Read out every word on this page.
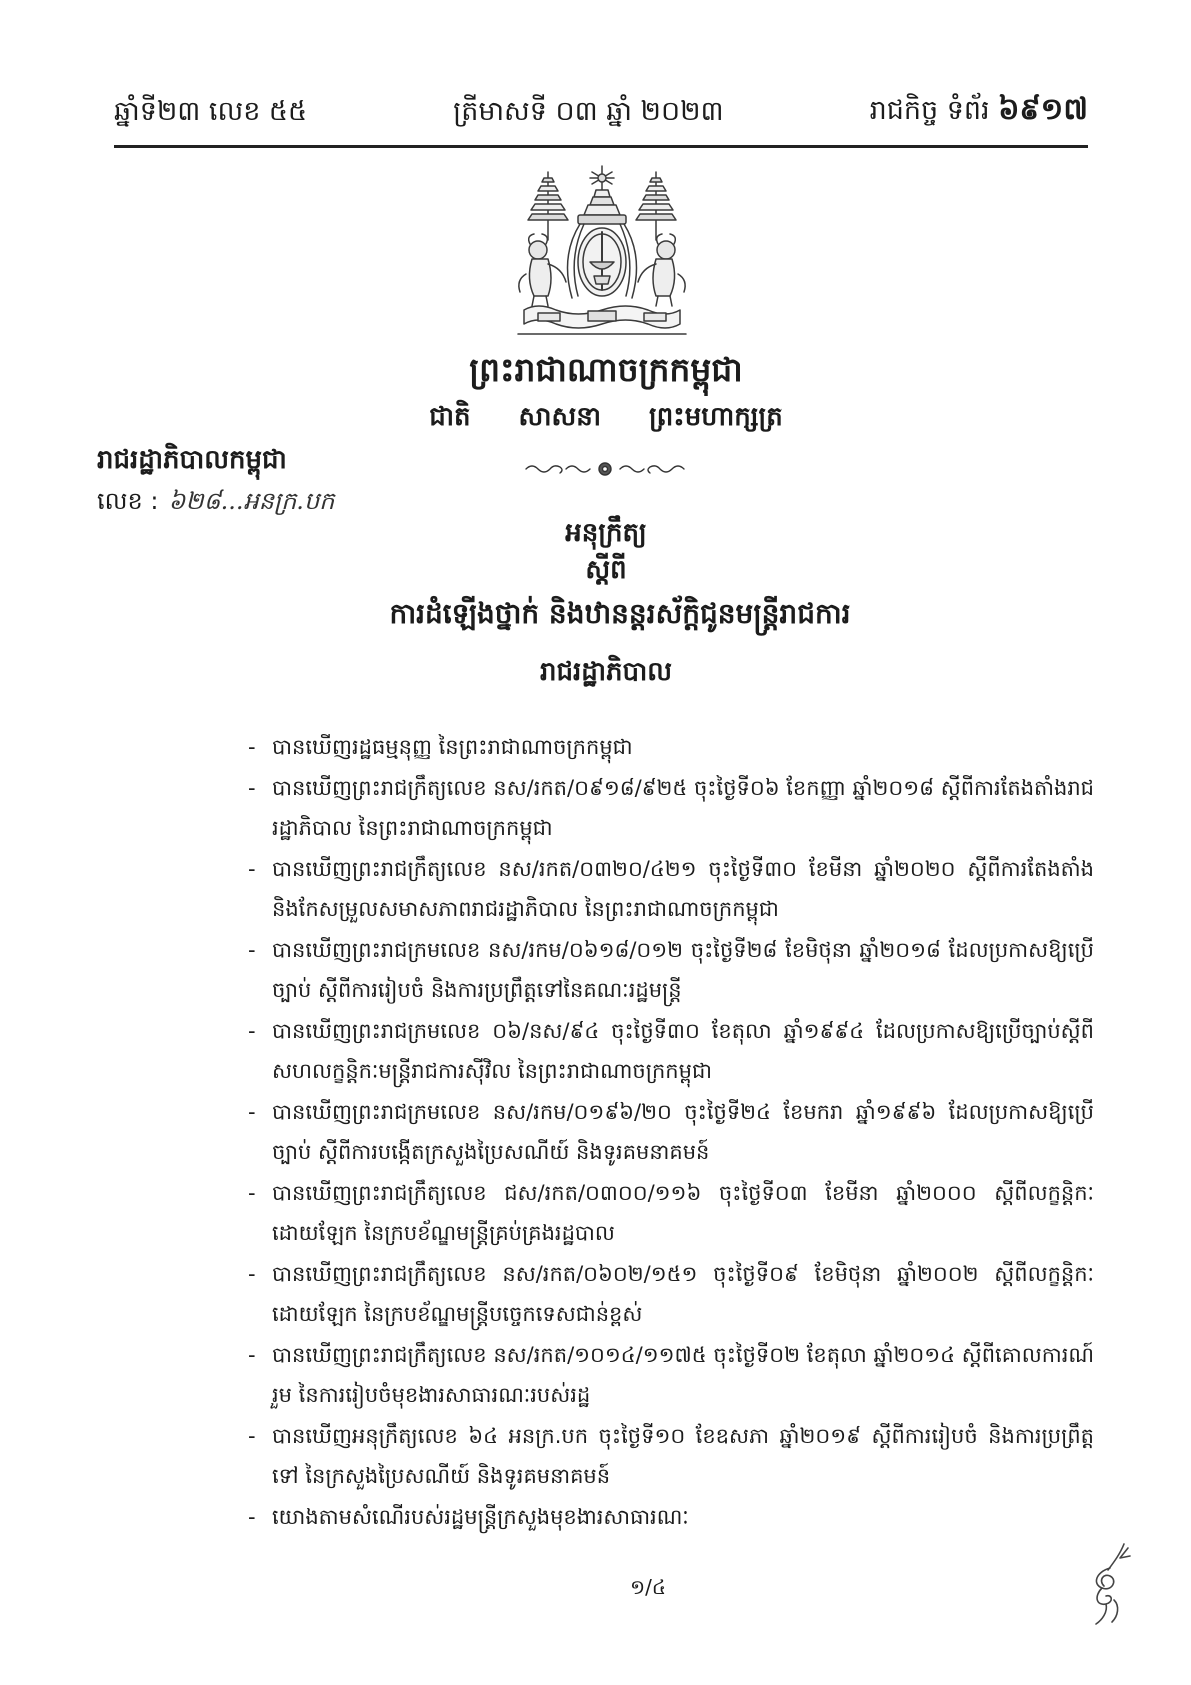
ឆ្នាំទី២៣ លេខ ៥៥	ត្រីមាសទី ០៣ ឆ្នាំ ២០២៣	រាជកិច្ច ទំព័រ ៦៩១៧
ព្រះរាជាណាចក្រកម្ពុជា
ជាតិ សាសនា ព្រះមហាក្សត្រ
រាជរដ្ឋាភិបាលកម្ពុជា
លេខ : ៦២៨...អនក្រ.បក
អនុក្រឹត្យ
ស្តីពី
ការដំឡើងថ្នាក់ និងឋានន្តរស័ក្តិជូនមន្ត្រីរាជការ
រាជរដ្ឋាភិបាល
- បានឃើញរដ្ឋធម្មនុញ្ញ នៃព្រះរាជាណាចក្រកម្ពុជា
- បានឃើញព្រះរាជក្រឹត្យលេខ នស/រកត/០៩១៨/៩២៥ ចុះថ្ងៃទី០៦ ខែកញ្ញា ឆ្នាំ២០១៨ ស្តីពីការតែងតាំងរាជរដ្ឋាភិបាល នៃព្រះរាជាណាចក្រកម្ពុជា
- បានឃើញព្រះរាជក្រឹត្យលេខ នស/រកត/០៣២០/៤២១ ចុះថ្ងៃទី៣០ ខែមីនា ឆ្នាំ២០២០ ស្តីពីការតែងតាំង និងកែសម្រួលសមាសភាពរាជរដ្ឋាភិបាល នៃព្រះរាជាណាចក្រកម្ពុជា
- បានឃើញព្រះរាជក្រមលេខ នស/រកម/០៦១៨/០១២ ចុះថ្ងៃទី២៨ ខែមិថុនា ឆ្នាំ២០១៨ ដែលប្រកាសឱ្យប្រើច្បាប់ ស្តីពីការរៀបចំ និងការប្រព្រឹត្តទៅនៃគណៈរដ្ឋមន្ត្រី
- បានឃើញព្រះរាជក្រមលេខ ០៦/នស/៩៤ ចុះថ្ងៃទី៣០ ខែតុលា ឆ្នាំ១៩៩៤ ដែលប្រកាសឱ្យប្រើច្បាប់ស្តីពី សហលក្ខន្តិកៈមន្ត្រីរាជការស៊ីវិល នៃព្រះរាជាណាចក្រកម្ពុជា
- បានឃើញព្រះរាជក្រមលេខ នស/រកម/០១៩៦/២០ ចុះថ្ងៃទី២៤ ខែមករា ឆ្នាំ១៩៩៦ ដែលប្រកាសឱ្យប្រើច្បាប់ ស្តីពីការបង្កើតក្រសួងប្រៃសណីយ៍ និងទូរគមនាគមន៍
- បានឃើញព្រះរាជក្រឹត្យលេខ ជស/រកត/០៣០០/១១៦ ចុះថ្ងៃទី០៣ ខែមីនា ឆ្នាំ២០០០ ស្តីពីលក្ខន្តិកៈដោយឡែក នៃក្របខ័ណ្ឌមន្ត្រីគ្រប់គ្រងរដ្ឋបាល
- បានឃើញព្រះរាជក្រឹត្យលេខ នស/រកត/០៦០២/១៥១ ចុះថ្ងៃទី០៩ ខែមិថុនា ឆ្នាំ២០០២ ស្តីពីលក្ខន្តិកៈដោយឡែក នៃក្របខ័ណ្ឌមន្ត្រីបច្ចេកទេសជាន់ខ្ពស់
- បានឃើញព្រះរាជក្រឹត្យលេខ នស/រកត/១០១៤/១១៧៥ ចុះថ្ងៃទី០២ ខែតុលា ឆ្នាំ២០១៤ ស្តីពីគោលការណ៍រួម នៃការរៀបចំមុខងារសាធារណៈរបស់រដ្ឋ
- បានឃើញអនុក្រឹត្យលេខ ៦៤ អនក្រ.បក ចុះថ្ងៃទី១០ ខែឧសភា ឆ្នាំ២០១៩ ស្តីពីការរៀបចំ និងការប្រព្រឹត្តទៅ នៃក្រសួងប្រៃសណីយ៍ និងទូរគមនាគមន៍
- យោងតាមសំណើរបស់រដ្ឋមន្ត្រីក្រសួងមុខងារសាធារណៈ
១/៤
